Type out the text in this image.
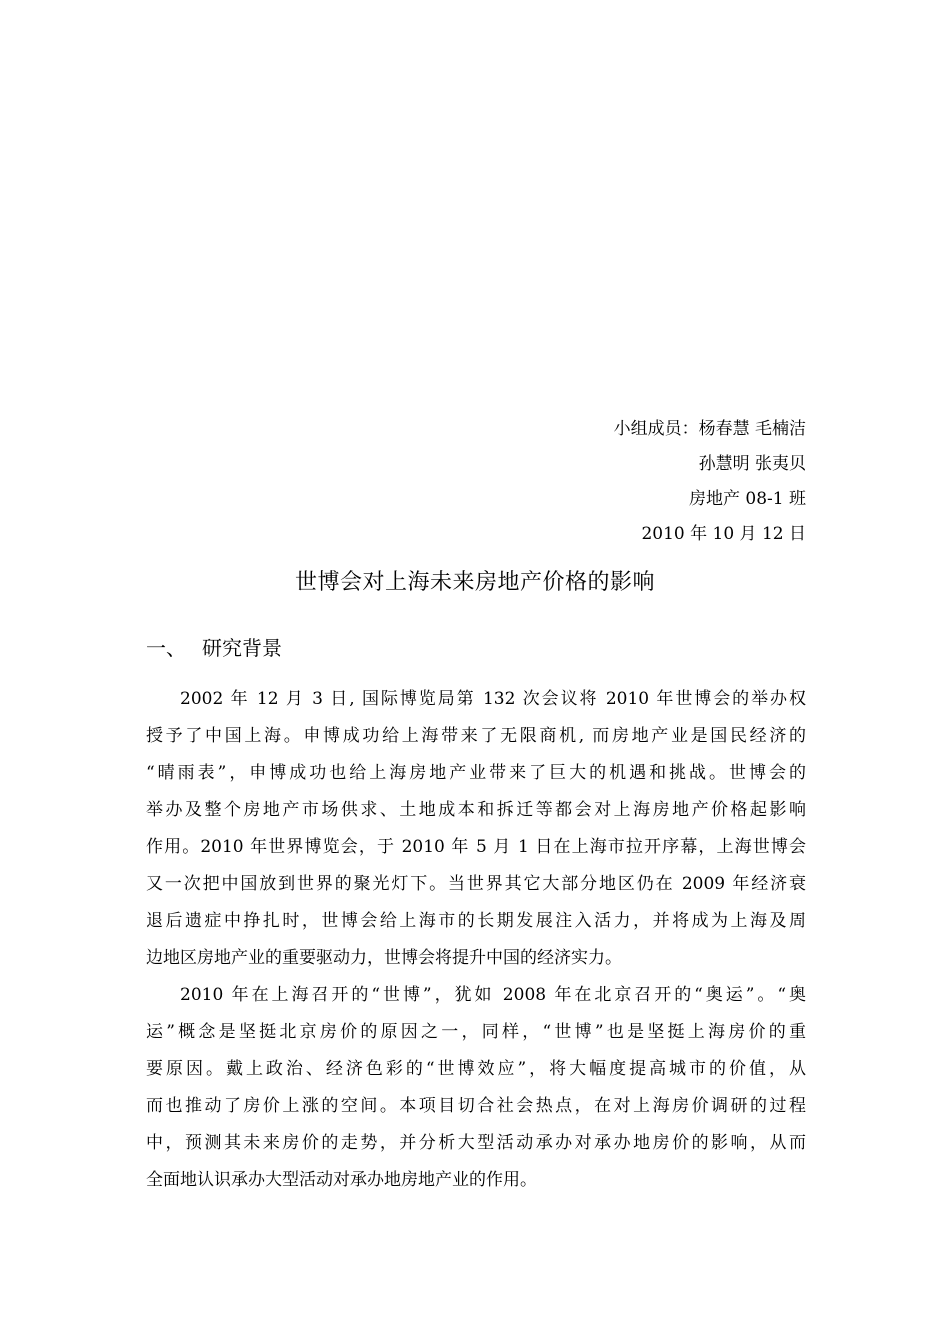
小组成员：杨春慧 毛楠洁
孙慧明 张夷贝
房地产 08-1 班
2010 年 10 月 12 日
世博会对上海未来房地产价格的影响
一、 研究背景
2002 年 12 月 3 日, 国际博览局第 132 次会议将 2010 年世博会的举办权
授予了中国上海。申博成功给上海带来了无限商机, 而房地产业是国民经济的
“晴雨表”，申博成功也给上海房地产业带来了巨大的机遇和挑战。世博会的
举办及整个房地产市场供求、土地成本和拆迁等都会对上海房地产价格起影响
作用。2010 年世界博览会，于 2010 年 5 月 1 日在上海市拉开序幕，上海世博会
又一次把中国放到世界的聚光灯下。当世界其它大部分地区仍在 2009 年经济衰
退后遗症中挣扎时，世博会给上海市的长期发展注入活力，并将成为上海及周
边地区房地产业的重要驱动力，世博会将提升中国的经济实力。
2010 年在上海召开的“世博”，犹如 2008 年在北京召开的“奥运”。“奥
运”概念是坚挺北京房价的原因之一，同样，“世博”也是坚挺上海房价的重
要原因。戴上政治、经济色彩的“世博效应”，将大幅度提高城市的价值，从
而也推动了房价上涨的空间。本项目切合社会热点，在对上海房价调研的过程
中，预测其未来房价的走势，并分析大型活动承办对承办地房价的影响，从而
全面地认识承办大型活动对承办地房地产业的作用。
